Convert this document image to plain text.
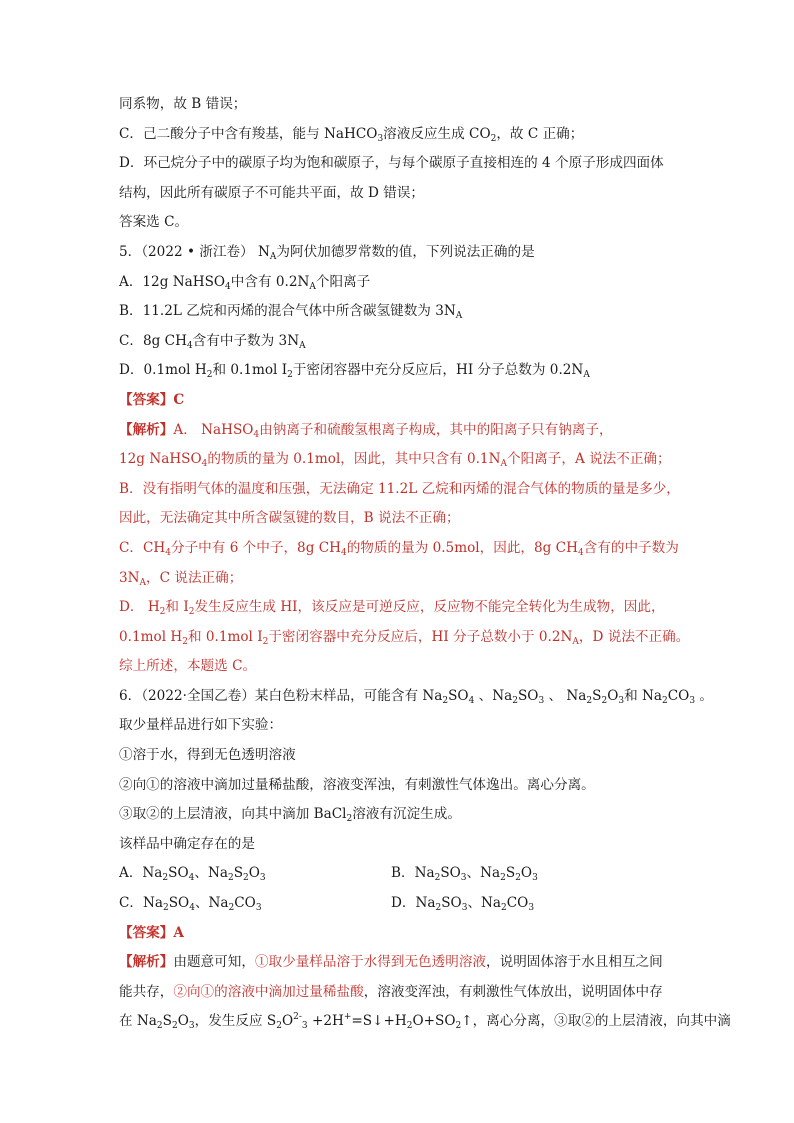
同系物，故 B 错误；
C．己二酸分子中含有羧基，能与 NaHCO$_3$溶液反应生成 $CO_2$，故 C 正确；
D．环己烷分子中的碳原子均为饱和碳原子，与每个碳原子直接相连的 4 个原子形成四面体
结构，因此所有碳原子不可能共平面，故 D 错误；
答案选 C。
5．（2022 • 浙江卷） $N_A$为阿伏加德罗常数的值，下列说法正确的是
A．12g NaHSO$_4$中含有 $0.2N_A$个阳离子
B．11.2L 乙烷和丙烯的混合气体中所含碳氢键数为 $3N_A$
C．8g $CH_4$含有中子数为 $3N_A$
D．0.1mol $H_2$和 0.1mol $I_2$于密闭容器中充分反应后，HI 分子总数为 $0.2N_A$
【答案】C
【解析】A． NaHSO$_4$由钠离子和硫酸氢根离子构成，其中的阳离子只有钠离子，
12g NaHSO$_4$的物质的量为 0.1mol，因此，其中只含有 $0.1N_A$个阳离子，A 说法不正确；
B．没有指明气体的温度和压强，无法确定 11.2L 乙烷和丙烯的混合气体的物质的量是多少，
因此，无法确定其中所含碳氢键的数目，B 说法不正确；
C．$CH_4$分子中有 6 个中子，8g $CH_4$的物质的量为 0.5mol，因此，8g $CH_4$含有的中子数为
$3N_A$，C 说法正确；
D． $H_2$和 $I_2$发生反应生成 HI，该反应是可逆反应，反应物不能完全转化为生成物，因此，
0.1mol $H_2$和 0.1mol $I_2$于密闭容器中充分反应后，HI 分子总数小于 $0.2N_A$，D 说法不正确。
综上所述，本题选 C。
6．（2022·全国乙卷）某白色粉末样品，可能含有 $Na_2SO_4$ 、$Na_2SO_3$ 、 $Na_2S_2O_3$和 $Na_2CO_3$ 。
取少量样品进行如下实验：
①溶于水，得到无色透明溶液
②向①的溶液中滴加过量稀盐酸，溶液变浑浊，有刺激性气体逸出。离心分离。
③取②的上层清液，向其中滴加 BaCl$_2$溶液有沉淀生成。
该样品中确定存在的是
A．$Na_2SO_4$、$Na_2S_2O_3$	B．$Na_2SO_3$、$Na_2S_2O_3$
C．$Na_2SO_4$、$Na_2CO_3$	D．$Na_2SO_3$、$Na_2CO_3$
【答案】A
【解析】由题意可知，①取少量样品溶于水得到无色透明溶液，说明固体溶于水且相互之间
能共存，②向①的溶液中滴加过量稀盐酸，溶液变浑浊，有刺激性气体放出，说明固体中存
在 $Na_2S_2O_3$，发生反应 $S_2O^{2-}_3$ $+2H^+=S↓+H_2O+SO_2↑$，离心分离，③取②的上层清液，向其中滴
